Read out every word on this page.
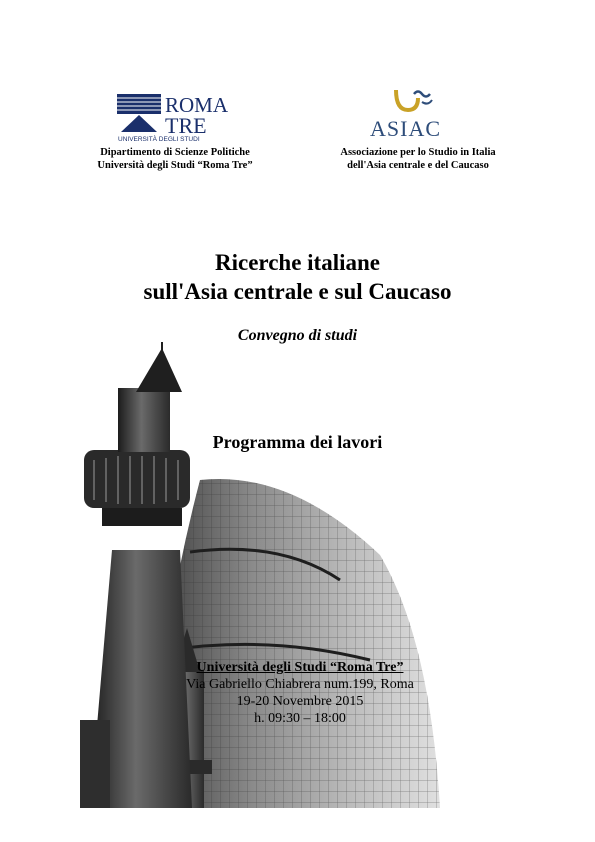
ROMA
TRE
UNIVERSITÀ DEGLI STUDI
Dipartimento di Scienze Politiche
Università degli Studi “Roma Tre”
ASIAC
Associazione per lo Studio in Italia
dell'Asia centrale e del Caucaso
Ricerche italiane
sull'Asia centrale e sul Caucaso
Convegno di studi
Programma dei lavori
Università degli Studi “Roma Tre”
Via Gabriello Chiabrera num.199, Roma
19-20 Novembre 2015
h. 09:30 – 18:00
